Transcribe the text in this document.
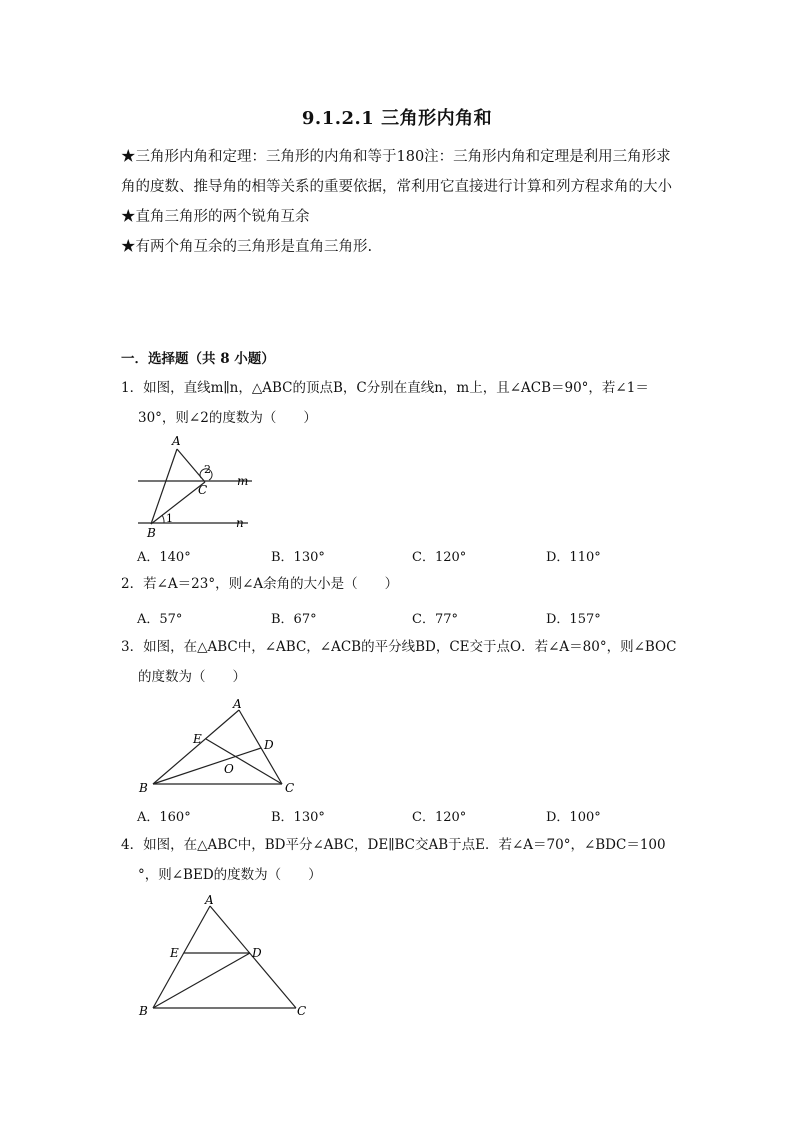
9.1.2.1 三角形内角和

★三角形内角和定理：三角形的内角和等于180注：三角形内角和定理是利用三角形求角的度数、推导角的相等关系的重要依据，常利用它直接进行计算和列方程求角的大小

★直角三角形的两个锐角互余

★有两个角互余的三角形是直角三角形.

一．选择题（共 8 小题）

1．如图，直线m∥n，△ABC的顶点B，C分别在直线n，m上，且∠ACB＝90°，若∠1＝

30°，则∠2的度数为（　　）

A
B
C
m
n
1
2
A．140°	B．130°	C．120°	D．110°

2．若∠A＝23°，则∠A余角的大小是（　　）

A．57°	B．67°	C．77°	D．157°

3．如图，在△ABC中，∠ABC，∠ACB的平分线BD，CE交于点O．若∠A＝80°，则∠BOC

的度数为（　　）

A
B	C
D
E
O
A．160°	B．130°	C．120°	D．100°

4．如图，在△ABC中，BD平分∠ABC，DE∥BC交AB于点E．若∠A＝70°，∠BDC＝100

°，则∠BED的度数为（　　）

A
B	C
D
E
